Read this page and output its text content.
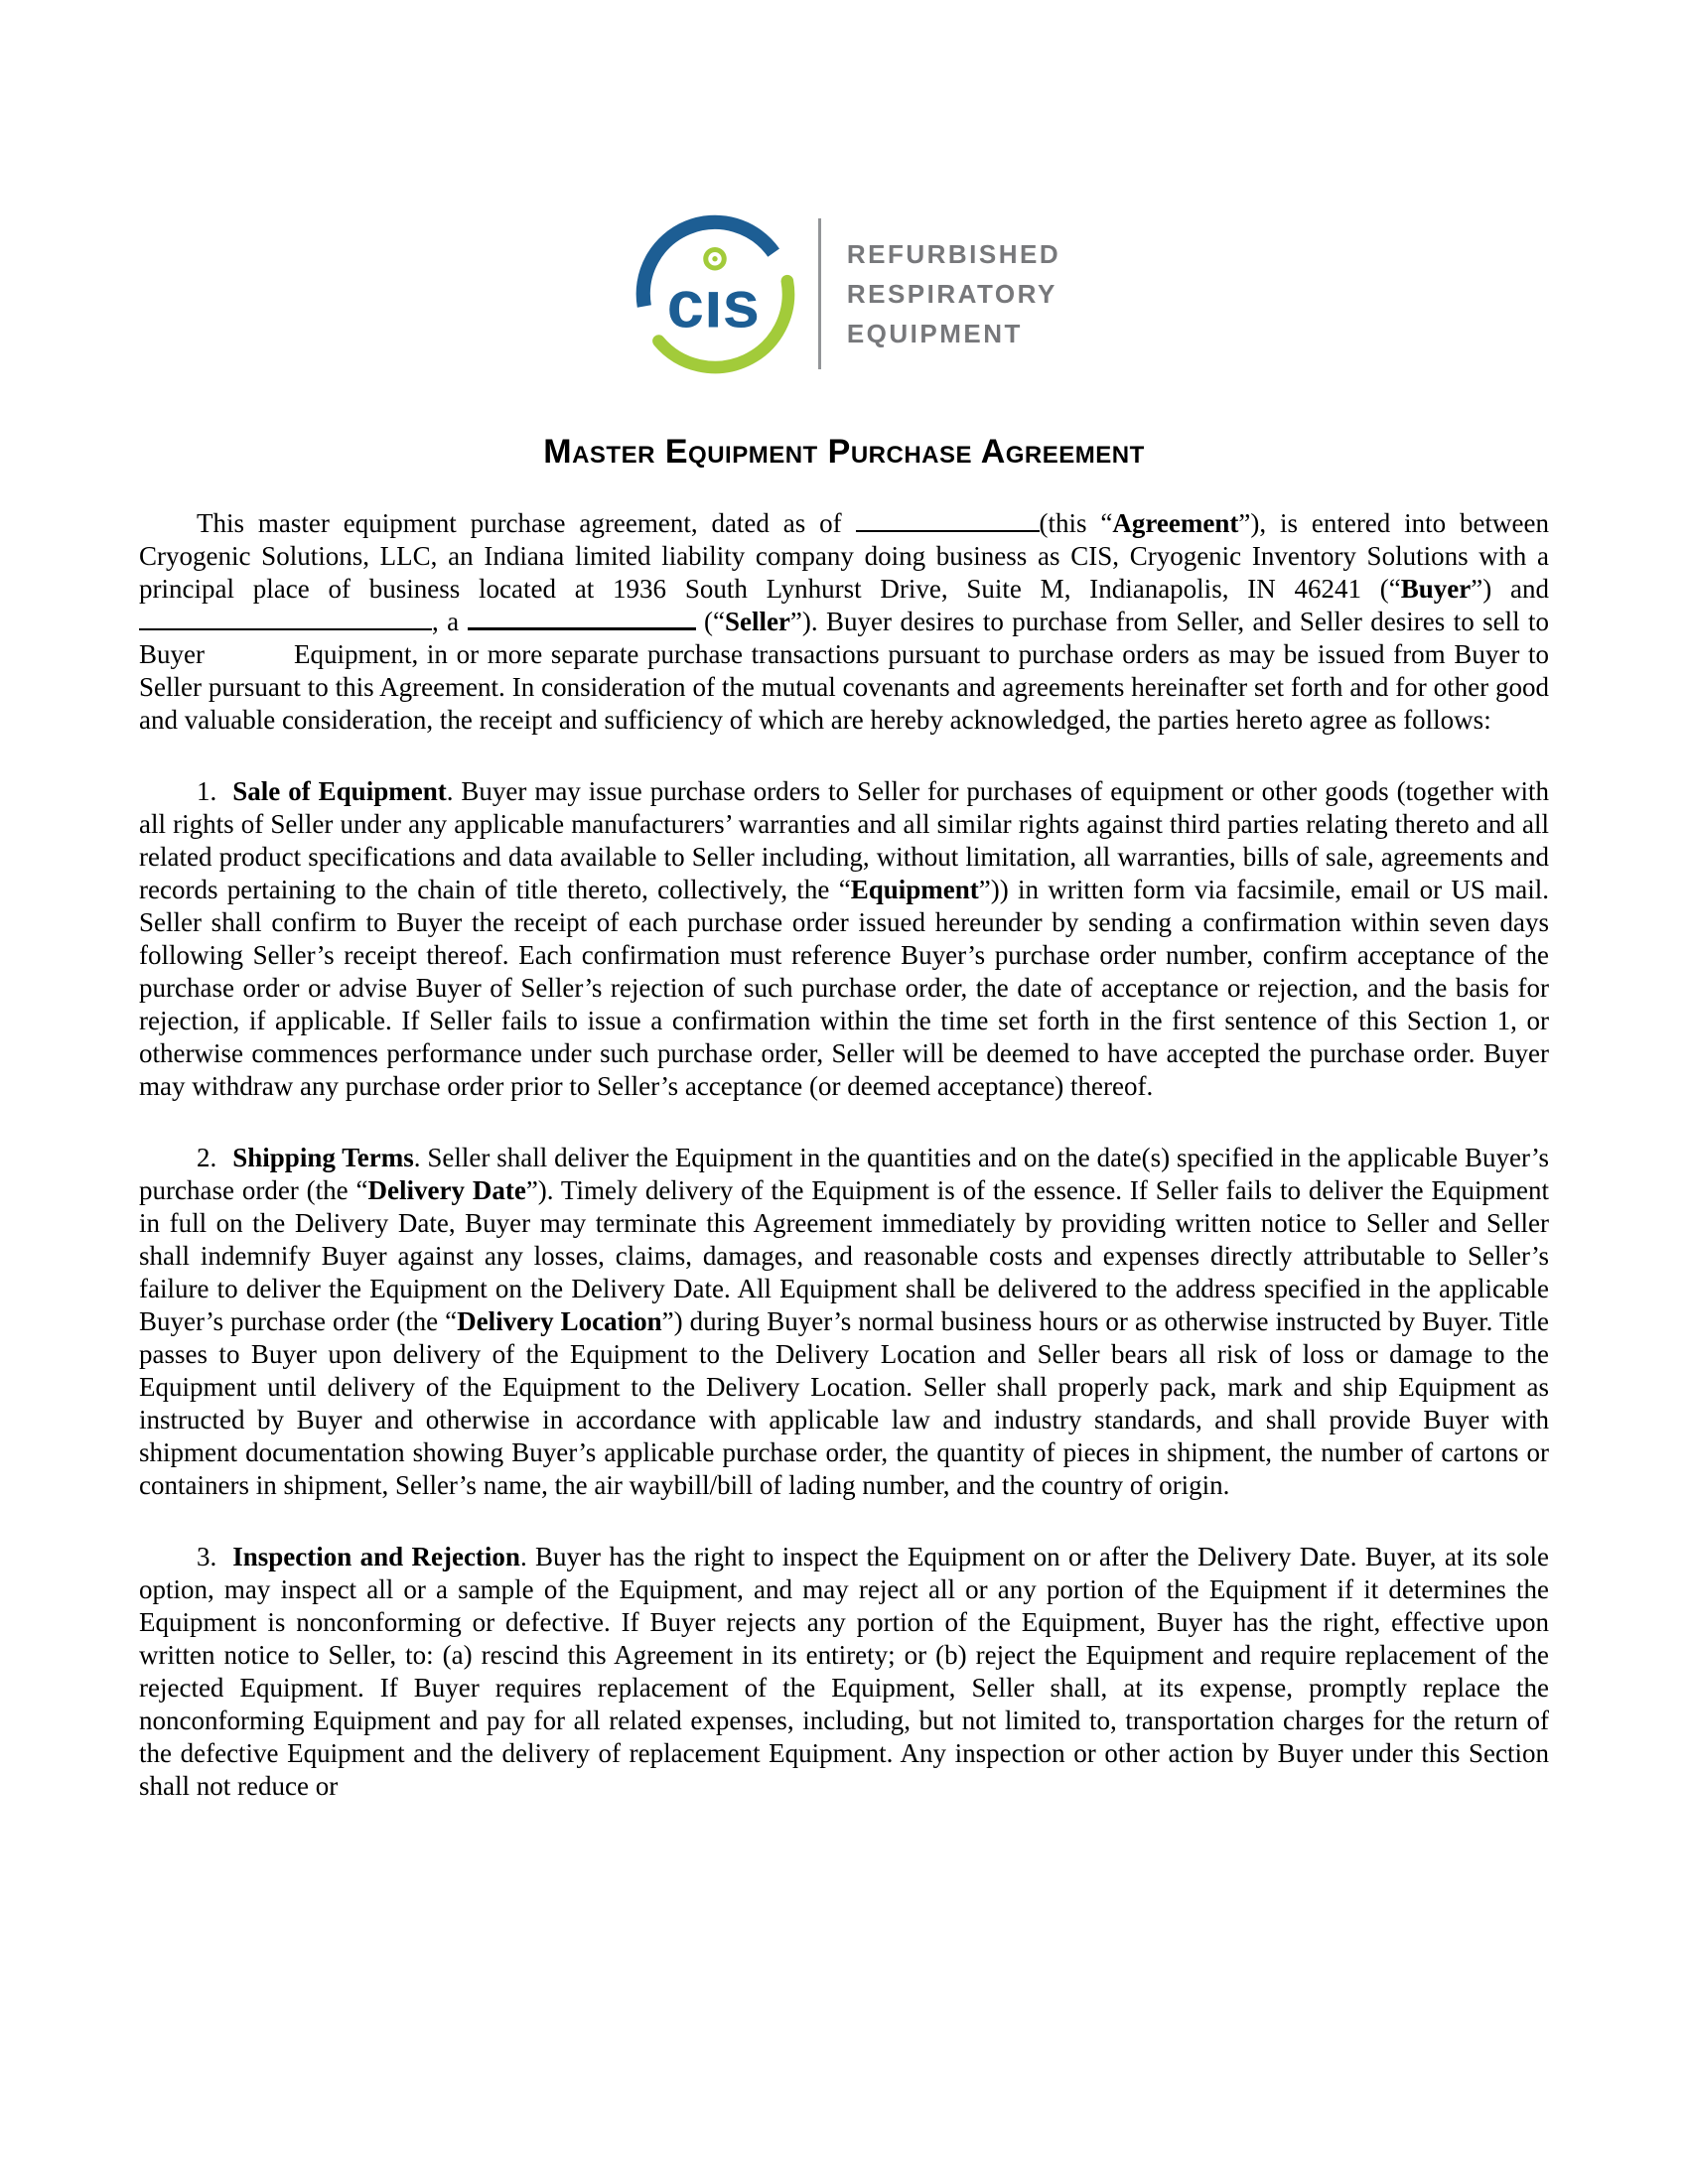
cıs
REFURBISHED
RESPIRATORY
EQUIPMENT
Master Equipment Purchase Agreement

This master equipment purchase agreement, dated as of	(this “Agreement”), is entered into between Cryogenic Solutions, LLC, an Indiana limited liability company doing business as CIS, Cryogenic Inventory Solutions with a principal place of business located at 1936 South Lynhurst Drive, Suite M, Indianapolis, IN 46241 (“Buyer”) and , a	(“Seller”). Buyer desires to purchase from Seller, and Seller desires to sell to Buyer	Equipment, in or more separate purchase transactions pursuant to purchase orders as may be issued from Buyer to Seller pursuant to this Agreement. In consideration of the mutual covenants and agreements hereinafter set forth and for other good and valuable consideration, the receipt and sufficiency of which are hereby acknowledged, the parties hereto agree as follows:

1. Sale of Equipment. Buyer may issue purchase orders to Seller for purchases of equipment or other goods (together with all rights of Seller under any applicable manufacturers’ warranties and all similar rights against third parties relating thereto and all related product specifications and data available to Seller including, without limitation, all warranties, bills of sale, agreements and records pertaining to the chain of title thereto, collectively, the “Equipment”)) in written form via facsimile, email or US mail. Seller shall confirm to Buyer the receipt of each purchase order issued hereunder by sending a confirmation within seven days following Seller’s receipt thereof. Each confirmation must reference Buyer’s purchase order number, confirm acceptance of the purchase order or advise Buyer of Seller’s rejection of such purchase order, the date of acceptance or rejection, and the basis for rejection, if applicable. If Seller fails to issue a confirmation within the time set forth in the first sentence of this Section 1, or otherwise commences performance under such purchase order, Seller will be deemed to have accepted the purchase order. Buyer may withdraw any purchase order prior to Seller’s acceptance (or deemed acceptance) thereof.

2. Shipping Terms. Seller shall deliver the Equipment in the quantities and on the date(s) specified in the applicable Buyer’s purchase order (the “Delivery Date”). Timely delivery of the Equipment is of the essence. If Seller fails to deliver the Equipment in full on the Delivery Date, Buyer may terminate this Agreement immediately by providing written notice to Seller and Seller shall indemnify Buyer against any losses, claims, damages, and reasonable costs and expenses directly attributable to Seller’s failure to deliver the Equipment on the Delivery Date. All Equipment shall be delivered to the address specified in the applicable Buyer’s purchase order (the “Delivery Location”) during Buyer’s normal business hours or as otherwise instructed by Buyer. Title passes to Buyer upon delivery of the Equipment to the Delivery Location and Seller bears all risk of loss or damage to the Equipment until delivery of the Equipment to the Delivery Location. Seller shall properly pack, mark and ship Equipment as instructed by Buyer and otherwise in accordance with applicable law and industry standards, and shall provide Buyer with shipment documentation showing Buyer’s applicable purchase order, the quantity of pieces in shipment, the number of cartons or containers in shipment, Seller’s name, the air waybill/bill of lading number, and the country of origin.

3. Inspection and Rejection. Buyer has the right to inspect the Equipment on or after the Delivery Date. Buyer, at its sole option, may inspect all or a sample of the Equipment, and may reject all or any portion of the Equipment if it determines the Equipment is nonconforming or defective. If Buyer rejects any portion of the Equipment, Buyer has the right, effective upon written notice to Seller, to: (a) rescind this Agreement in its entirety; or (b) reject the Equipment and require replacement of the rejected Equipment. If Buyer requires replacement of the Equipment, Seller shall, at its expense, promptly replace the nonconforming Equipment and pay for all related expenses, including, but not limited to, transportation charges for the return of the defective Equipment and the delivery of replacement Equipment. Any inspection or other action by Buyer under this Section shall not reduce or
